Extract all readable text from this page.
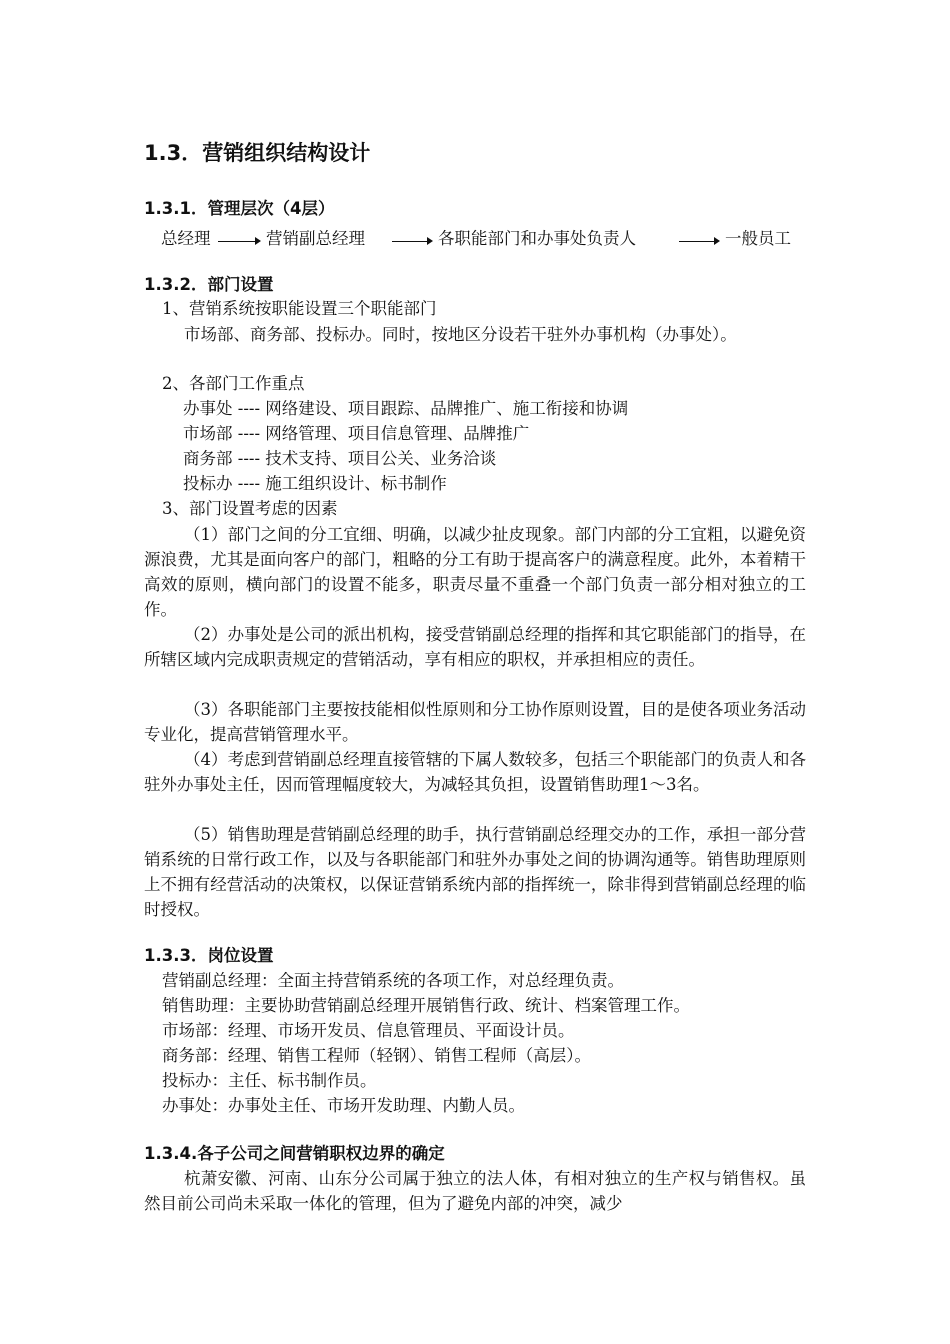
1.3．营销组织结构设计
1.3.1．管理层次（4层）
总经理	营销副总经理	各职能部门和办事处负责人	一般员工
1.3.2．部门设置
1、营销系统按职能设置三个职能部门
市场部、商务部、投标办。同时，按地区分设若干驻外办事机构（办事处）。
2、各部门工作重点
办事处 ---- 网络建设、项目跟踪、品牌推广、施工衔接和协调
市场部 ---- 网络管理、项目信息管理、品牌推广
商务部 ---- 技术支持、项目公关、业务洽谈
投标办 ---- 施工组织设计、标书制作
3、部门设置考虑的因素
（1）部门之间的分工宜细、明确，以减少扯皮现象。部门内部的分工宜粗，以避免资源浪费，尤其是面向客户的部门，粗略的分工有助于提高客户的满意程度。此外，本着精干高效的原则，横向部门的设置不能多，职责尽量不重叠一个部门负责一部分相对独立的工作。
（2）办事处是公司的派出机构，接受营销副总经理的指挥和其它职能部门的指导，在所辖区域内完成职责规定的营销活动，享有相应的职权，并承担相应的责任。
（3）各职能部门主要按技能相似性原则和分工协作原则设置，目的是使各项业务活动专业化，提高营销管理水平。
（4）考虑到营销副总经理直接管辖的下属人数较多，包括三个职能部门的负责人和各驻外办事处主任，因而管理幅度较大，为减轻其负担，设置销售助理1～3名。
（5）销售助理是营销副总经理的助手，执行营销副总经理交办的工作，承担一部分营销系统的日常行政工作，以及与各职能部门和驻外办事处之间的协调沟通等。销售助理原则上不拥有经营活动的决策权，以保证营销系统内部的指挥统一，除非得到营销副总经理的临时授权。
1.3.3．岗位设置
营销副总经理：全面主持营销系统的各项工作，对总经理负责。
销售助理：主要协助营销副总经理开展销售行政、统计、档案管理工作。
市场部：经理、市场开发员、信息管理员、平面设计员。
商务部：经理、销售工程师（轻钢）、销售工程师（高层）。
投标办：主任、标书制作员。
办事处：办事处主任、市场开发助理、内勤人员。
1.3.4.各子公司之间营销职权边界的确定
杭萧安徽、河南、山东分公司属于独立的法人体，有相对独立的生产权与销售权。虽然目前公司尚未采取一体化的管理，但为了避免内部的冲突，减少
